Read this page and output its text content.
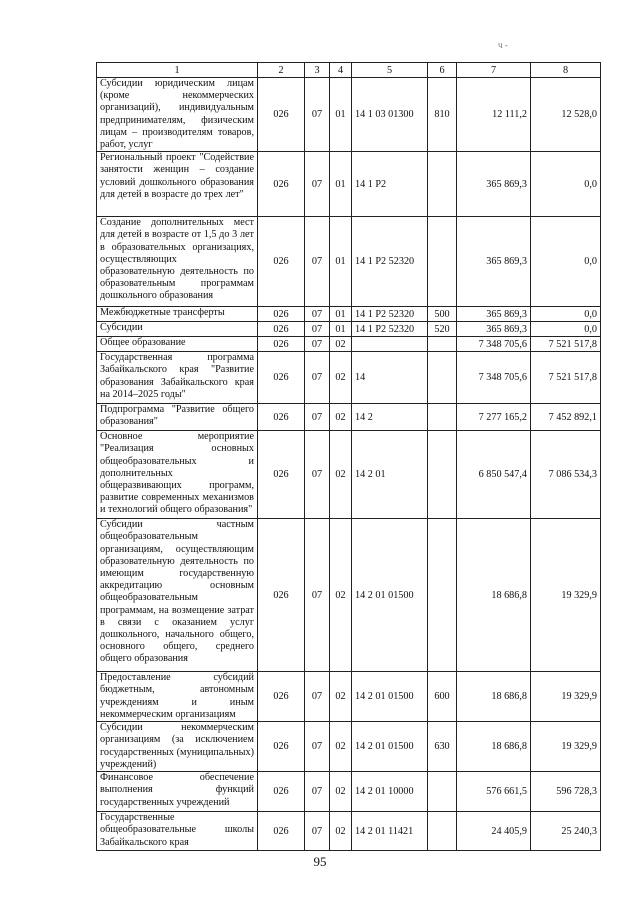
ч -
1	2	3	4	5	6	7	8
Субсидии юридическим лицам (кроме некоммерческих организаций), индивидуальным предпринимателям, физическим лицам – производителям товаров, работ, услуг	026	07	01	14 1 03 01300	810	12 111,2	12 528,0
Региональный проект "Содействие занятости женщин – создание условий дошкольного образования для детей в возрасте до трех лет"	026	07	01	14 1 Р2		365 869,3	0,0
Создание дополнительных мест для детей в возрасте от 1,5 до 3 лет в образовательных организациях, осуществляющих образовательную деятельность по образовательным программам дошкольного образования	026	07	01	14 1 Р2 52320		365 869,3	0,0
Межбюджетные трансферты	026	07	01	14 1 Р2 52320	500	365 869,3	0,0
Субсидии	026	07	01	14 1 Р2 52320	520	365 869,3	0,0
Общее образование	026	07	02			7 348 705,6	7 521 517,8
Государственная программа Забайкальского края "Развитие образования Забайкальского края на 2014–2025 годы"	026	07	02	14		7 348 705,6	7 521 517,8
Подпрограмма "Развитие общего образования"	026	07	02	14 2		7 277 165,2	7 452 892,1
Основное мероприятие "Реализация основных общеобразовательных и дополнительных общеразвивающих программ, развитие современных механизмов и технологий общего образования"	026	07	02	14 2 01		6 850 547,4	7 086 534,3
Субсидии частным общеобразовательным организациям, осуществляющим образовательную деятельность по имеющим государственную аккредитацию основным общеобразовательным программам, на возмещение затрат в связи с оказанием услуг дошкольного, начального общего, основного общего, среднего общего образования	026	07	02	14 2 01 01500		18 686,8	19 329,9
Предоставление субсидий бюджетным, автономным учреждениям и иным некоммерческим организациям	026	07	02	14 2 01 01500	600	18 686,8	19 329,9
Субсидии некоммерческим организациям (за исключением государственных (муниципальных) учреждений)	026	07	02	14 2 01 01500	630	18 686,8	19 329,9
Финансовое обеспечение выполнения функций государственных учреждений	026	07	02	14 2 01 10000		576 661,5	596 728,3
Государственные общеобразовательные школы Забайкальского края	026	07	02	14 2 01 11421		24 405,9	25 240,3
95
